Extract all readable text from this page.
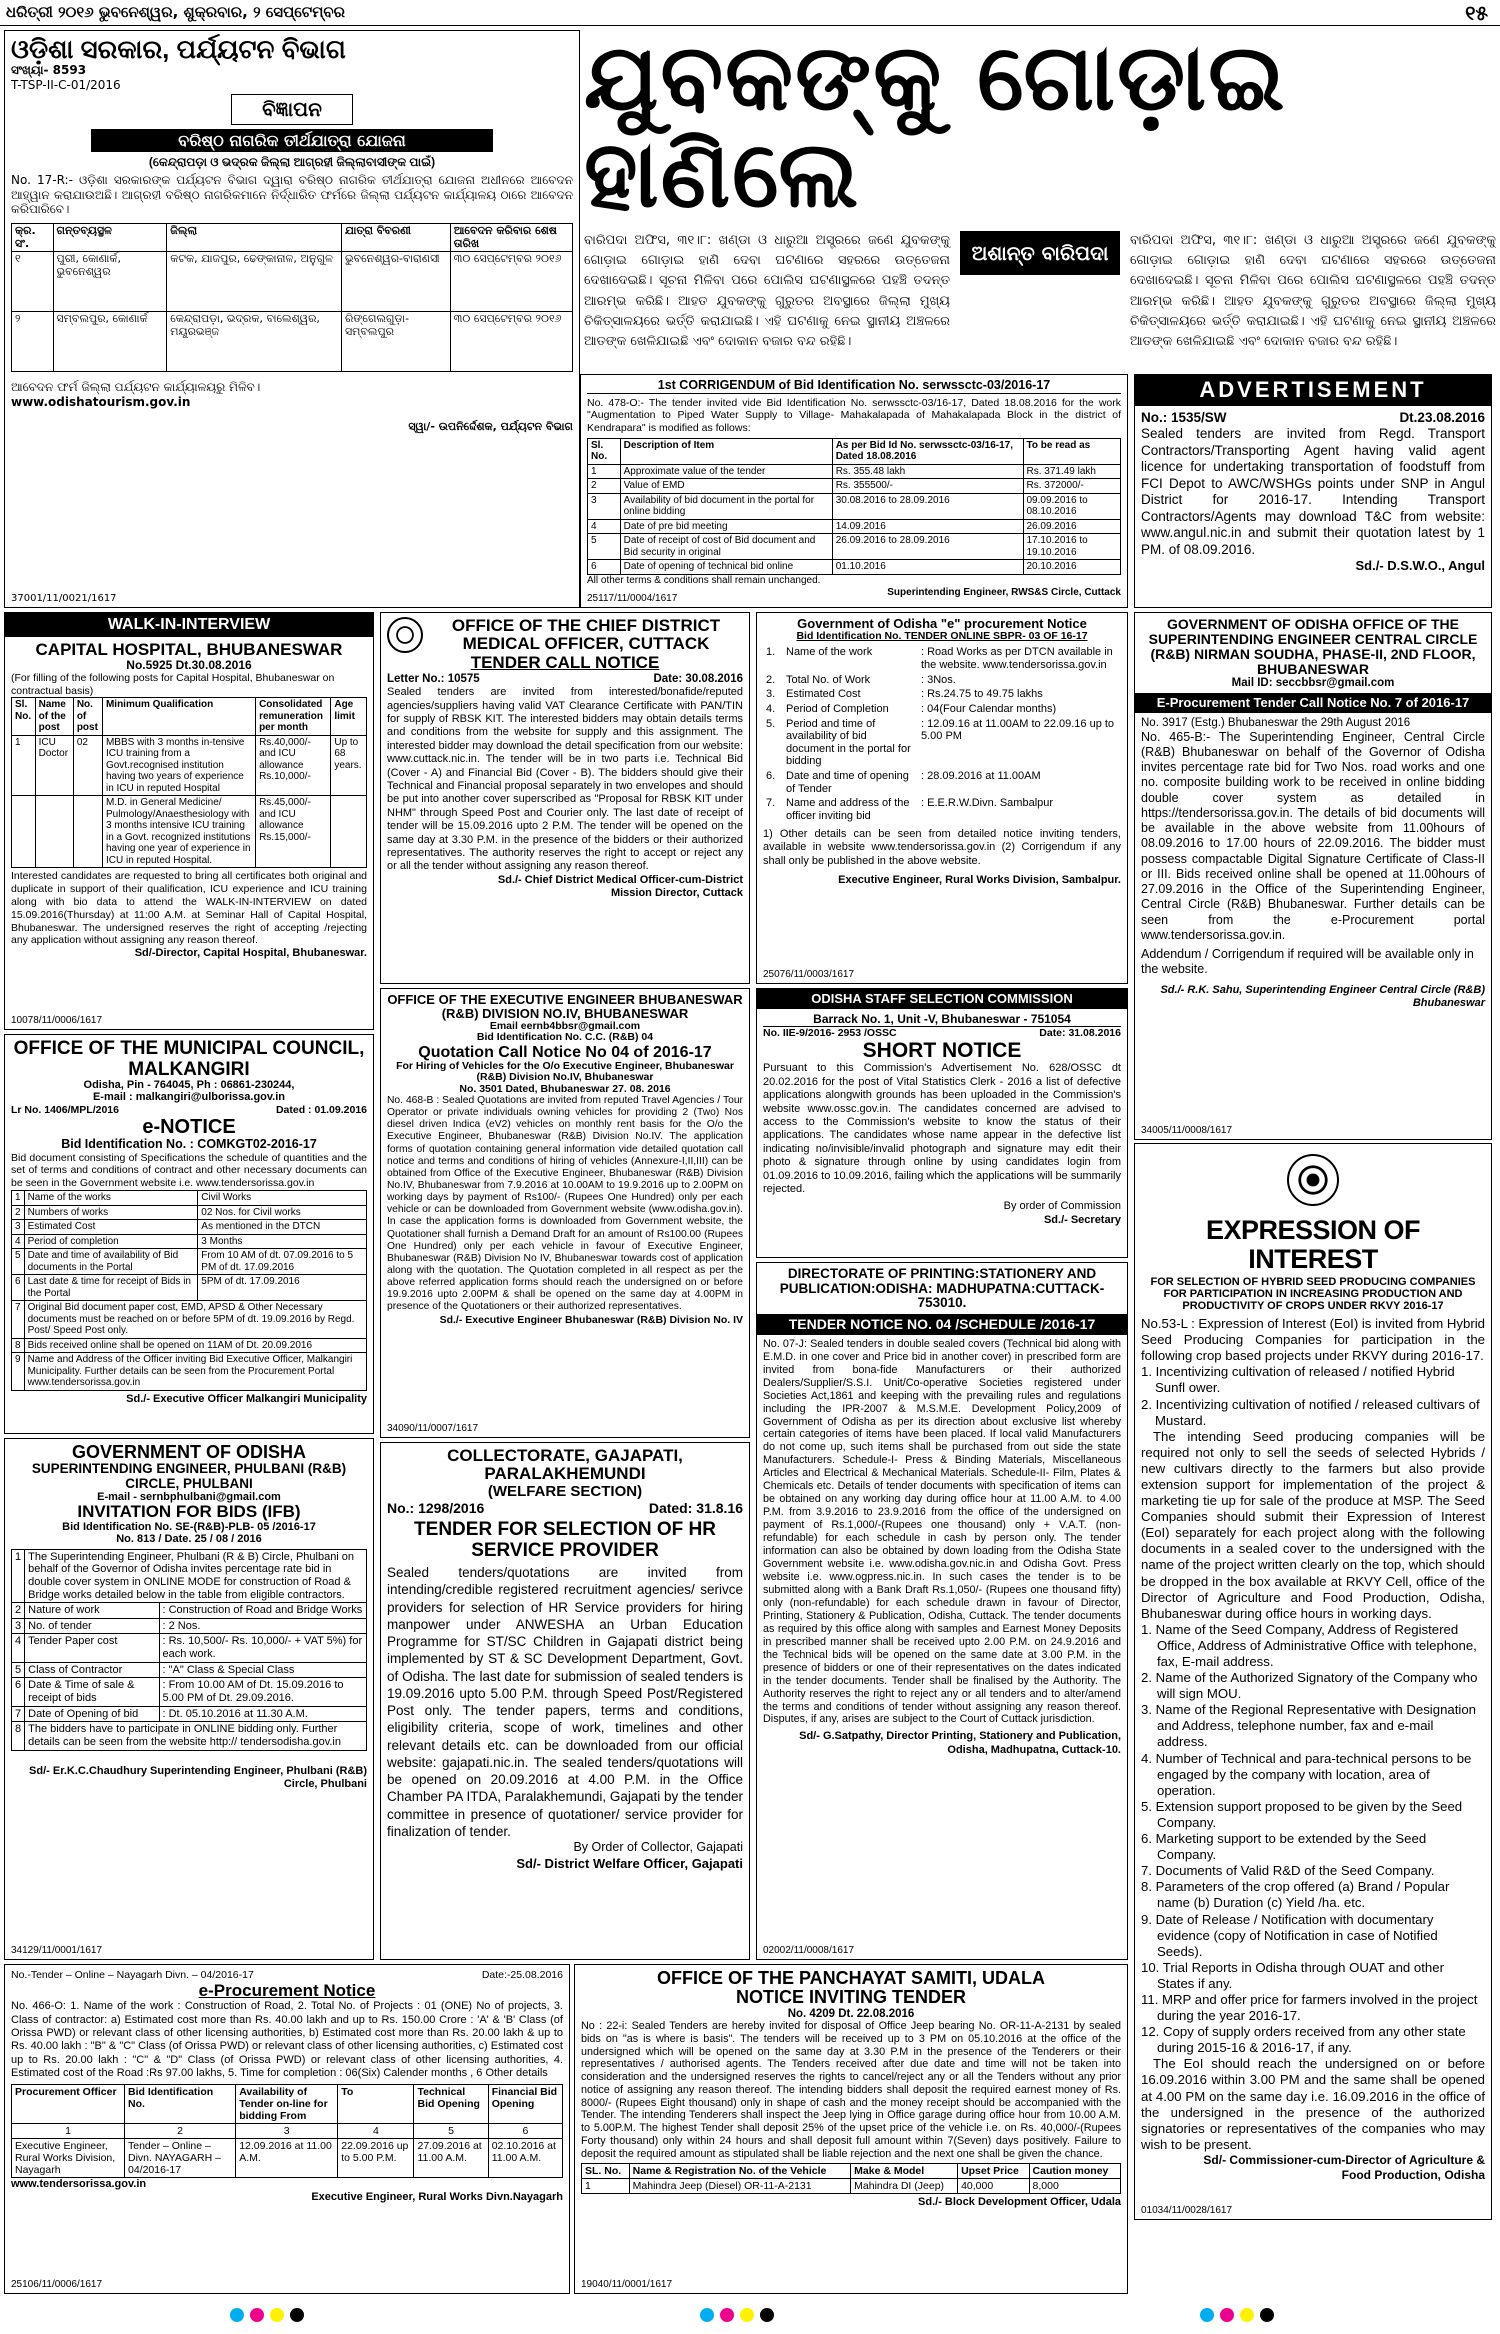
ଧରିତ୍ରୀ ୨୦୧୬ ଭୁବନେଶ୍ୱର, ଶୁକ୍ରବାର, ୨ ସେପ୍ଟେମ୍ବର	୧୫
ଓଡ଼ିଶା ସରକାର, ପର୍ଯ୍ୟଟନ ବିଭାଗ
ସଂଖ୍ୟା- 8593
T-TSP-II-C-01/2016
ବିଜ୍ଞାପନ
ବରିଷ୍ଠ ନାଗରିକ ତୀର୍ଥଯାତ୍ରା ଯୋଜନା
(କେନ୍ଦ୍ରାପଡ଼ା ଓ ଭଦ୍ରକ ଜିଲ୍ଲା ଆଗ୍ରହୀ ଜିଲ୍ଲାବାସୀଙ୍କ ପାଇଁ)
No. 17-R:- ଓଡ଼ିଶା ସରକାରଙ୍କ ପର୍ଯ୍ୟଟନ ବିଭାଗ ଦ୍ୱାରା ବରିଷ୍ଠ ନାଗରିକ ତୀର୍ଥଯାତ୍ରା ଯୋଜନା ଅଧୀନରେ ଆବେଦନ ଆହ୍ୱାନ କରାଯାଉଅଛି। ଆଗ୍ରହୀ ବରିଷ୍ଠ ନାଗରିକମାନେ ନିର୍ଦ୍ଧାରିତ ଫର୍ମରେ ଜିଲ୍ଲା ପର୍ଯ୍ୟଟନ କାର୍ଯ୍ୟାଳୟ ଠାରେ ଆବେଦନ କରିପାରିବେ।
କ୍ର. ସଂ.	ଗନ୍ତବ୍ୟସ୍ଥଳ	ଜିଲ୍ଲା	ଯାତ୍ରା ବିବରଣୀ	ଆବେଦନ କରିବାର ଶେଷ ତାରିଖ
୧	ପୁରୀ, କୋଣାର୍କ, ଭୁବନେଶ୍ୱର	କଟକ, ଯାଜପୁର, ଢେଙ୍କାନାଳ, ଅନୁଗୁଳ	ଭୁବନେଶ୍ୱର-ବାରାଣସୀ	୩୦ ସେପ୍ଟେମ୍ବର ୨୦୧୬
୨	ସମ୍ବଲପୁର, କୋଣାର୍କ	କେନ୍ଦ୍ରାପଡ଼ା, ଭଦ୍ରକ, ବାଲେଶ୍ୱର, ମୟୂରଭଞ୍ଜ	ରିଙ୍ଗେଲଗୁଡ଼ା-ସମ୍ବଲପୁର	୩୦ ସେପ୍ଟେମ୍ବର ୨୦୧୬
ଆବେଦନ ଫର୍ମ ଜିଲ୍ଲା ପର୍ଯ୍ୟଟନ କାର୍ଯ୍ୟାଳୟରୁ ମିଳିବ।
www.odishatourism.gov.in
ସ୍ୱା/- ଉପନିର୍ଦ୍ଦେଶକ, ପର୍ଯ୍ୟଟନ ବିଭାଗ
37001/11/0021/1617
ଯୁବକଙ୍କୁ ଗୋଡ଼ାଇ ହାଣିଲେ
ବାରିପଦା ଅଫିସ, ୩୧।୮: ଖଣ୍ଡା ଓ ଧାରୁଆ ଅସ୍ତ୍ରରେ ଜଣେ ଯୁବକଙ୍କୁ ଗୋଡ଼ାଇ ଗୋଡ଼ାଇ ହାଣି ଦେବା ଘଟଣାରେ ସହରରେ ଉତ୍ତେଜନା ଦେଖାଦେଇଛି। ସୂଚନା ମିଳିବା ପରେ ପୋଲିସ ଘଟଣାସ୍ଥଳରେ ପହଞ୍ଚି ତଦନ୍ତ ଆରମ୍ଭ କରିଛି। ଆହତ ଯୁବକଙ୍କୁ ଗୁରୁତର ଅବସ୍ଥାରେ ଜିଲ୍ଲା ମୁଖ୍ୟ ଚିକିତ୍ସାଳୟରେ ଭର୍ତ୍ତି କରାଯାଇଛି। ଏହି ଘଟଣାକୁ ନେଇ ସ୍ଥାନୀୟ ଅଞ୍ଚଳରେ ଆତଙ୍କ ଖେଳିଯାଇଛି ଏବଂ ଦୋକାନ ବଜାର ବନ୍ଦ ରହିଛି।
ଅଶାନ୍ତ ବାରିପଦା
ବାରିପଦା ଅଫିସ, ୩୧।୮: ଖଣ୍ଡା ଓ ଧାରୁଆ ଅସ୍ତ୍ରରେ ଜଣେ ଯୁବକଙ୍କୁ ଗୋଡ଼ାଇ ଗୋଡ଼ାଇ ହାଣି ଦେବା ଘଟଣାରେ ସହରରେ ଉତ୍ତେଜନା ଦେଖାଦେଇଛି। ସୂଚନା ମିଳିବା ପରେ ପୋଲିସ ଘଟଣାସ୍ଥଳରେ ପହଞ୍ଚି ତଦନ୍ତ ଆରମ୍ଭ କରିଛି। ଆହତ ଯୁବକଙ୍କୁ ଗୁରୁତର ଅବସ୍ଥାରେ ଜିଲ୍ଲା ମୁଖ୍ୟ ଚିକିତ୍ସାଳୟରେ ଭର୍ତ୍ତି କରାଯାଇଛି। ଏହି ଘଟଣାକୁ ନେଇ ସ୍ଥାନୀୟ ଅଞ୍ଚଳରେ ଆତଙ୍କ ଖେଳିଯାଇଛି ଏବଂ ଦୋକାନ ବଜାର ବନ୍ଦ ରହିଛି।
1st CORRIGENDUM of Bid Identification No. serwssctc-03/2016-17
No. 478-O:- The tender invited vide Bid Identification No. serwssctc-03/16-17, Dated 18.08.2016 for the work "Augmentation to Piped Water Supply to Village- Mahakalapada of Mahakalapada Block in the district of Kendrapara" is modified as follows:
Sl. No.	Description of Item	As per Bid Id No. serwssctc-03/16-17, Dated 18.08.2016	To be read as
1	Approximate value of the tender	Rs. 355.48 lakh	Rs. 371.49 lakh
2	Value of EMD	Rs. 355500/-	Rs. 372000/-
3	Availability of bid document in the portal for online bidding	30.08.2016 to 28.09.2016	09.09.2016 to 08.10.2016
4	Date of pre bid meeting	14.09.2016	26.09.2016
5	Date of receipt of cost of Bid document and Bid security in original	26.09.2016 to 28.09.2016	17.10.2016 to 19.10.2016
6	Date of opening of technical bid online	01.10.2016	20.10.2016
All other terms & conditions shall remain unchanged.
Superintending Engineer, RWS&S Circle, Cuttack
25117/11/0004/1617
ADVERTISEMENT
No.: 1535/SW	Dt.23.08.2016
Sealed tenders are invited from Regd. Transport Contractors/Transporting Agent having valid agent licence for undertaking transportation of foodstuff from FCI Depot to AWC/WSHGs points under SNP in Angul District for 2016-17. Intending Transport Contractors/Agents may download T&C from website: www.angul.nic.in and submit their quotation latest by 1 PM. of 08.09.2016.
Sd./- D.S.W.O., Angul
WALK-IN-INTERVIEW
CAPITAL HOSPITAL, BHUBANESWAR
No.5925 Dt.30.08.2016
(For filling of the following posts for Capital Hospital, Bhubaneswar on contractual basis)
Sl. No.	Name of the post	No. of post	Minimum Qualification	Consolidated remuneration per month	Age limit
1	ICU Doctor	02	MBBS with 3 months in-tensive ICU training from a Govt.recognised institution having two years of experience in ICU in reputed Hospital	Rs.40,000/- and ICU allowance Rs.10,000/-	Up to 68 years.
			M.D. in General Medicine/ Pulmology/Anaesthesiology with 3 months intensive ICU training in a Govt. recognized institutions having one year of experience in ICU in reputed Hospital.	Rs.45,000/- and ICU allowance Rs.15,000/-	
Interested candidates are requested to bring all certificates both original and duplicate in support of their qualification, ICU experience and ICU training along with bio data to attend the WALK-IN-INTERVIEW on dated 15.09.2016(Thursday) at 11:00 A.M. at Seminar Hall of Capital Hospital, Bhubaneswar. The undersigned reserves the right of accepting /rejecting any application without assigning any reason thereof.
Sd/-Director, Capital Hospital, Bhubaneswar.
10078/11/0006/1617
OFFICE OF THE CHIEF DISTRICT MEDICAL OFFICER, CUTTACK
TENDER CALL NOTICE
Letter No.: 10575	Date: 30.08.2016
Sealed tenders are invited from interested/bonafide/reputed agencies/suppliers having valid VAT Clearance Certificate with PAN/TIN for supply of RBSK KIT. The interested bidders may obtain details terms and conditions from the website for supply and this assignment. The interested bidder may download the detail specification from our website: www.cuttack.nic.in. The tender will be in two parts i.e. Technical Bid (Cover - A) and Financial Bid (Cover - B). The bidders should give their Technical and Financial proposal separately in two envelopes and should be put into another cover superscribed as "Proposal for RBSK KIT under NHM" through Speed Post and Courier only. The last date of receipt of tender will be 15.09.2016 upto 2 P.M. The tender will be opened on the same day at 3.30 P.M. in the presence of the bidders or their authorized representatives. The authority reserves the right to accept or reject any or all the tender without assigning any reason thereof.
Sd./- Chief District Medical Officer-cum-District Mission Director, Cuttack
Government of Odisha "e" procurement Notice
Bid Identification No. TENDER ONLINE SBPR- 03 OF 16-17
1.	Name of the work	: Road Works as per DTCN available in the website. www.tendersorissa.gov.in
2.	Total No. of Work	: 3Nos.
3.	Estimated Cost	: Rs.24.75 to 49.75 lakhs
4.	Period of Completion	: 04(Four Calendar months)
5.	Period and time of availability of bid document in the portal for bidding	: 12.09.16 at 11.00AM to 22.09.16 up to 5.00 PM
6.	Date and time of opening of Tender	: 28.09.2016 at 11.00AM
7.	Name and address of the officer inviting bid	: E.E.R.W.Divn. Sambalpur
1) Other details can be seen from detailed notice inviting tenders, available in website www.tendersorissa.gov.in (2) Corrigendum if any shall only be published in the above website.
Executive Engineer, Rural Works Division, Sambalpur.
25076/11/0003/1617
GOVERNMENT OF ODISHA OFFICE OF THE SUPERINTENDING ENGINEER CENTRAL CIRCLE (R&B) NIRMAN SOUDHA, PHASE-II, 2ND FLOOR, BHUBANESWAR
Mail ID: seccbbsr@gmail.com
E-Procurement Tender Call Notice No. 7 of 2016-17
No. 3917 (Estg.) Bhubaneswar the 29th August 2016
No. 465-B:- The Superintending Engineer, Central Circle (R&B) Bhubaneswar on behalf of the Governor of Odisha invites percentage rate bid for Two Nos. road works and one no. composite building work to be received in online bidding double cover system as detailed in https://tendersorissa.gov.in. The details of bid documents will be available in the above website from 11.00hours of 08.09.2016 to 17.00 hours of 22.09.2016. The bidder must possess compactable Digital Signature Certificate of Class-II or III. Bids received online shall be opened at 11.00hours of 27.09.2016 in the Office of the Superintending Engineer, Central Circle (R&B) Bhubaneswar. Further details can be seen from the e-Procurement portal www.tendersorissa.gov.in.
Addendum / Corrigendum if required will be available only in the website.
Sd./- R.K. Sahu, Superintending Engineer Central Circle (R&B) Bhubaneswar
34005/11/0008/1617
OFFICE OF THE MUNICIPAL COUNCIL, MALKANGIRI
Odisha, Pin - 764045, Ph : 06861-230244,
E-mail : malkangiri@ulborissa.gov.in
Lr No. 1406/MPL/2016	Dated : 01.09.2016
e-NOTICE
Bid Identification No. : COMKGT02-2016-17
Bid document consisting of Specifications the schedule of quantities and the set of terms and conditions of contract and other necessary documents can be seen in the Government website i.e. www.tendersorissa.gov.in
1	Name of the works	Civil Works
2	Numbers of works	02 Nos. for Civil works
3	Estimated Cost	As mentioned in the DTCN
4	Period of completion	3 Months
5	Date and time of availability of Bid documents in the Portal	From 10 AM of dt. 07.09.2016 to 5 PM of dt. 17.09.2016
6	Last date & time for receipt of Bids in the Portal	5PM of dt. 17.09.2016
7	Original Bid document paper cost, EMD, APSD & Other Necessary documents must be reached on or before 5PM of dt. 19.09.2016 by Regd. Post/ Speed Post only.	
8	Bids received online shall be opened on 11AM of Dt. 20.09.2016	
9	Name and Address of the Officer inviting Bid Executive Officer, Malkangiri Municipality. Further details can be seen from the Procurement Portal www.tendersorissa.gov.in	
Sd./- Executive Officer Malkangiri Municipality
OFFICE OF THE EXECUTIVE ENGINEER BHUBANESWAR (R&B) DIVISION NO.IV, BHUBANESWAR
Email eernb4bbsr@gmail.com
Bid Identification No. C.C. (R&B) 04
Quotation Call Notice No 04 of 2016-17
For Hiring of Vehicles for the O/o Executive Engineer, Bhubaneswar (R&B) Division No.IV, Bhubaneswar
No. 3501 Dated, Bhubaneswar 27. 08. 2016
No. 468-B : Sealed Quotations are invited from reputed Travel Agencies / Tour Operator or private individuals owning vehicles for providing 2 (Two) Nos diesel driven Indica (eV2) vehicles on monthly rent basis for the O/o the Executive Engineer, Bhubaneswar (R&B) Division No.IV. The application forms of quotation containing general information vide detailed quotation call notice and terms and conditions of hiring of vehicles (Annexure-I,II,III) can be obtained from Office of the Executive Engineer, Bhubaneswar (R&B) Division No.IV, Bhubaneswar from 7.9.2016 at 10.00AM to 19.9.2016 up to 2.00PM on working days by payment of Rs100/- (Rupees One Hundred) only per each vehicle or can be downloaded from Government website (www.odisha.gov.in). In case the application forms is downloaded from Government website, the Quotationer shall furnish a Demand Draft for an amount of Rs100.00 (Rupees One Hundred) only per each vehicle in favour of Executive Engineer, Bhubaneswar (R&B) Division No IV, Bhubaneswar towards cost of application along with the quotation. The Quotation completed in all respect as per the above referred application forms should reach the undersigned on or before 19.9.2016 upto 2.00PM & shall be opened on the same day at 4.00PM in presence of the Quotationers or their authorized representatives.
Sd./- Executive Engineer Bhubaneswar (R&B) Division No. IV
34090/11/0007/1617
ODISHA STAFF SELECTION COMMISSION
Barrack No. 1, Unit -V, Bhubaneswar - 751054
No. IIE-9/2016- 2953 /OSSC	Date: 31.08.2016
SHORT NOTICE
Pursuant to this Commission's Advertisement No. 628/OSSC dt 20.02.2016 for the post of Vital Statistics Clerk - 2016 a list of defective applications alongwith grounds has been uploaded in the Commission's website www.ossc.gov.in. The candidates concerned are advised to access to the Commission's website to know the status of their applications. The candidates whose name appear in the defective list indicating no/invisible/invalid photograph and signature may edit their photo & signature through online by using candidates login from 01.09.2016 to 10.09.2016, failing which the applications will be summarily rejected.
By order of Commission
Sd./- Secretary
GOVERNMENT OF ODISHA
SUPERINTENDING ENGINEER, PHULBANI (R&B) CIRCLE, PHULBANI
E-mail - sernbphulbani@gmail.com
INVITATION FOR BIDS (IFB)
Bid Identification No. SE-(R&B)-PLB- 05 /2016-17
No. 813 / Date. 25 / 08 / 2016
1	The Superintending Engineer, Phulbani (R & B) Circle, Phulbani on behalf of the Governor of Odisha invites percentage rate bid in double cover system in ONLINE MODE for construction of Road & Bridge works detailed below in the table from eligible contractors.	
2	Nature of work	: Construction of Road and Bridge Works
3	No. of tender	: 2 Nos.
4	Tender Paper cost	: Rs. 10,500/- Rs. 10,000/- + VAT 5%) for each work.
5	Class of Contractor	: "A" Class & Special Class
6	Date & Time of sale & receipt of bids	: From 10.00 AM of Dt. 15.09.2016 to 5.00 PM of Dt. 29.09.2016.
7	Date of Opening of bid	: Dt. 05.10.2016 at 11.30 A.M.
8	The bidders have to participate in ONLINE bidding only. Further details can be seen from the website http:// tendersodisha.gov.in	
Sd/- Er.K.C.Chaudhury Superintending Engineer, Phulbani (R&B) Circle, Phulbani
34129/11/0001/1617
COLLECTORATE, GAJAPATI, PARALAKHEMUNDI
(WELFARE SECTION)
No.: 1298/2016	Dated: 31.8.16
TENDER FOR SELECTION OF HR SERVICE PROVIDER
Sealed tenders/quotations are invited from intending/credible registered recruitment agencies/ serivce providers for selection of HR Service providers for hiring manpower under ANWESHA an Urban Education Programme for ST/SC Children in Gajapati district being implemented by ST & SC Development Department, Govt. of Odisha. The last date for submission of sealed tenders is 19.09.2016 upto 5.00 P.M. through Speed Post/Registered Post only. The tender papers, terms and conditions, eligibility criteria, scope of work, timelines and other relevant details etc. can be downloaded from our official website: gajapati.nic.in. The sealed tenders/quotations will be opened on 20.09.2016 at 4.00 P.M. in the Office Chamber PA ITDA, Paralakhemundi, Gajapati by the tender committee in presence of quotationer/ service provider for finalization of tender.
By Order of Collector, Gajapati
Sd/- District Welfare Officer, Gajapati
DIRECTORATE OF PRINTING:STATIONERY AND PUBLICATION:ODISHA: MADHUPATNA:CUTTACK-753010.
TENDER NOTICE NO. 04 /SCHEDULE /2016-17
No. 07-J: Sealed tenders in double sealed covers (Technical bid along with E.M.D. in one cover and Price bid in another cover) in prescribed form are invited from bona-fide Manufacturers or their authorized Dealers/Supplier/S.S.I. Unit/Co-operative Societies registered under Societies Act,1861 and keeping with the prevailing rules and regulations including the IPR-2007 & M.S.M.E. Development Policy,2009 of Government of Odisha as per its direction about exclusive list whereby certain categories of items have been placed. If local valid Manufacturers do not come up, such items shall be purchased from out side the state Manufacturers. Schedule-I- Press & Binding Materials, Miscellaneous Articles and Electrical & Mechanical Materials. Schedule-II- Film, Plates & Chemicals etc. Details of tender documents with specification of items can be obtained on any working day during office hour at 11.00 A.M. to 4.00 P.M. from 3.9.2016 to 23.9.2016 from the office of the undersigned on payment of Rs.1,000/-(Rupees one thousand) only + V.A.T. (non-refundable) for each schedule in cash by person only. The tender information can also be obtained by down loading from the Odisha State Government website i.e. www.odisha.gov.nic.in and Odisha Govt. Press website i.e. www.ogpress.nic.in. In such cases the tender is to be submitted along with a Bank Draft Rs.1,050/- (Rupees one thousand fifty) only (non-refundable) for each schedule drawn in favour of Director, Printing, Stationery & Publication, Odisha, Cuttack. The tender documents as required by this office along with samples and Earnest Money Deposits in prescribed manner shall be received upto 2.00 P.M. on 24.9.2016 and the Technical bids will be opened on the same date at 3.00 P.M. in the presence of bidders or one of their representatives on the dates indicated in the tender documents. Tender shall be finalised by the Authority. The Authority reserves the right to reject any or all tenders and to alter/amend the terms and conditions of tender without assigning any reason thereof. Disputes, if any, arises are subject to the Court of Cuttack jurisdiction.
Sd/- G.Satpathy, Director Printing, Stationery and Publication, Odisha, Madhupatna, Cuttack-10.
02002/11/0008/1617
EXPRESSION OF INTEREST
FOR SELECTION OF HYBRID SEED PRODUCING COMPANIES FOR PARTICIPATION IN INCREASING PRODUCTION AND PRODUCTIVITY OF CROPS UNDER RKVY 2016-17
No.53-L : Expression of Interest (EoI) is invited from Hybrid Seed Producing Companies for participation in the following crop based projects under RKVY during 2016-17.
1. Incentivizing cultivation of released / notified Hybrid Sunfl ower.
2. Incentivizing cultivation of notified / released cultivars of Mustard.
The intending Seed producing companies will be required not only to sell the seeds of selected Hybrids / new cultivars directly to the farmers but also provide extension support for implementation of the project & marketing tie up for sale of the produce at MSP. The Seed Companies should submit their Expression of Interest (EoI) separately for each project along with the following documents in a sealed cover to the undersigned with the name of the project written clearly on the top, which should be dropped in the box available at RKVY Cell, office of the Director of Agriculture and Food Production, Odisha, Bhubaneswar during office hours in working days.
1. Name of the Seed Company, Address of Registered Office, Address of Administrative Office with telephone, fax, E-mail address.
2. Name of the Authorized Signatory of the Company who will sign MOU.
3. Name of the Regional Representative with Designation and Address, telephone number, fax and e-mail address.
4. Number of Technical and para-technical persons to be engaged by the company with location, area of operation.
5. Extension support proposed to be given by the Seed Company.
6. Marketing support to be extended by the Seed Company.
7. Documents of Valid R&D of the Seed Company.
8. Parameters of the crop offered (a) Brand / Popular name (b) Duration (c) Yield /ha. etc.
9. Date of Release / Notification with documentary evidence (copy of Notification in case of Notified Seeds).
10. Trial Reports in Odisha through OUAT and other States if any.
11. MRP and offer price for farmers involved in the project during the year 2016-17.
12. Copy of supply orders received from any other state during 2015-16 & 2016-17, if any.
The EoI should reach the undersigned on or before 16.09.2016 within 3.00 PM and the same shall be opened at 4.00 PM on the same day i.e. 16.09.2016 in the office of the undersigned in the presence of the authorized signatories or representatives of the companies who may wish to be present.
Sd/- Commissioner-cum-Director of Agriculture & Food Production, Odisha
01034/11/0028/1617
No.-Tender – Online – Nayagarh Divn. – 04/2016-17	Date:-25.08.2016
e-Procurement Notice
No. 466-O: 1. Name of the work : Construction of Road, 2. Total No. of Projects : 01 (ONE) No of projects, 3. Class of contractor: a) Estimated cost more than Rs. 40.00 lakh and up to Rs. 150.00 Crore : 'A' & 'B' Class (of Orissa PWD) or relevant class of other licensing authorities, b) Estimated cost more than Rs. 20.00 lakh & up to Rs. 40.00 lakh : "B" & "C" Class (of Orissa PWD) or relevant class of other licensing authorities, c) Estimated cost up to Rs. 20.00 lakh : "C" & "D" Class (of Orissa PWD) or relevant class of other licensing authorities, 4. Estimated cost of the Road :Rs 97.00 lakhs, 5. Time for completion : 06(Six) Calender months , 6 Other details
Procurement Officer	Bid Identification No.	Availability of Tender on-line for bidding From	To	Technical Bid Opening	Financial Bid Opening
1	2	3	4	5	6
Executive Engineer, Rural Works Division, Nayagarh	Tender – Online – Divn. NAYAGARH – 04/2016-17	12.09.2016 at 11.00 A.M.	22.09.2016 up to 5.00 P.M.	27.09.2016 at 11.00 A.M.	02.10.2016 at 11.00 A.M.
www.tendersorissa.gov.in
Executive Engineer, Rural Works Divn.Nayagarh
25106/11/0006/1617
OFFICE OF THE PANCHAYAT SAMITI, UDALA
NOTICE INVITING TENDER
No. 4209 Dt. 22.08.2016
No : 22-i: Sealed Tenders are hereby invited for disposal of Office Jeep bearing No. OR-11-A-2131 by sealed bids on "as is where is basis". The tenders will be received up to 3 PM on 05.10.2016 at the office of the undersigned which will be opened on the same day at 3.30 P.M in the presence of the Tenderers or their representatives / authorised agents. The Tenders received after due date and time will not be taken into consideration and the undersigned reserves the rights to cancel/reject any or all the Tenders without any prior notice of assigning any reason thereof. The intending bidders shall deposit the required earnest money of Rs. 8000/- (Rupees Eight thousand) only in shape of cash and the money receipt should be accompanied with the Tender. The intending Tenderers shall inspect the Jeep lying in Office garage during office hour from 10.00 A.M. to 5.00P.M. The highest Tender shall deposit 25% of the upset price of the vehicle i.e. on Rs. 40,000/-(Rupees Forty thousand) only within 24 hours and shall deposit full amount within 7(Seven) days positively. Failure to deposit the required amount as stipulated shall be liable rejection and the next one shall be given the chance.
SL. No.	Name & Registration No. of the Vehicle	Make & Model	Upset Price	Caution money
1	Mahindra Jeep (Diesel) OR-11-A-2131	Mahindra DI (Jeep)	40,000	8,000
Sd./- Block Development Officer, Udala
19040/11/0001/1617
